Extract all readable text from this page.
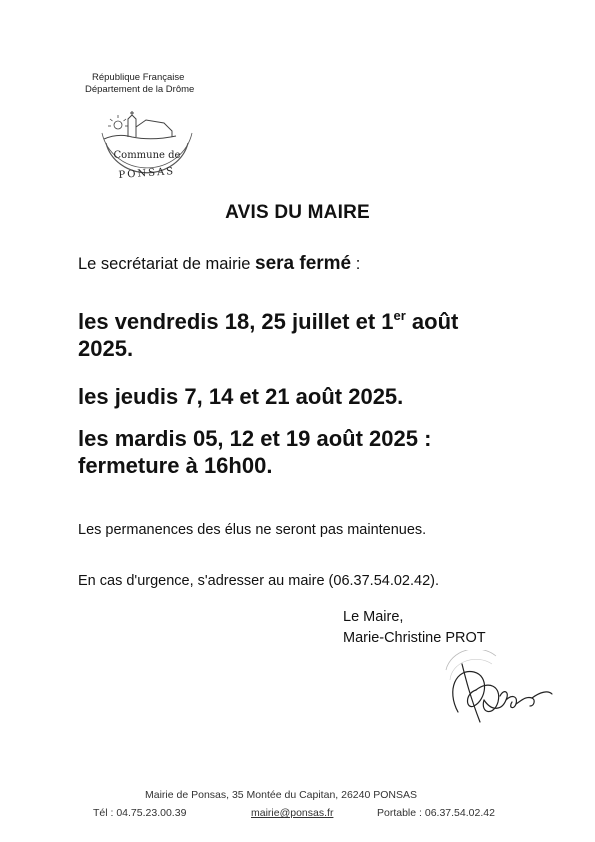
République Française
Département de la Drôme
Commune de
PONSAS
AVIS DU MAIRE
Le secrétariat de mairie sera fermé :
les vendredis 18, 25 juillet et 1er août
2025.
les jeudis 7, 14 et 21 août 2025.
les mardis 05, 12 et 19 août 2025 :
fermeture à 16h00.
Les permanences des élus ne seront pas maintenues.
En cas d'urgence, s'adresser au maire (06.37.54.02.42).
Le Maire,
Marie-Christine PROT
Mairie de Ponsas, 35 Montée du Capitan, 26240 PONSAS
Tél : 04.75.23.00.39	mairie@ponsas.fr	Portable : 06.37.54.02.42
